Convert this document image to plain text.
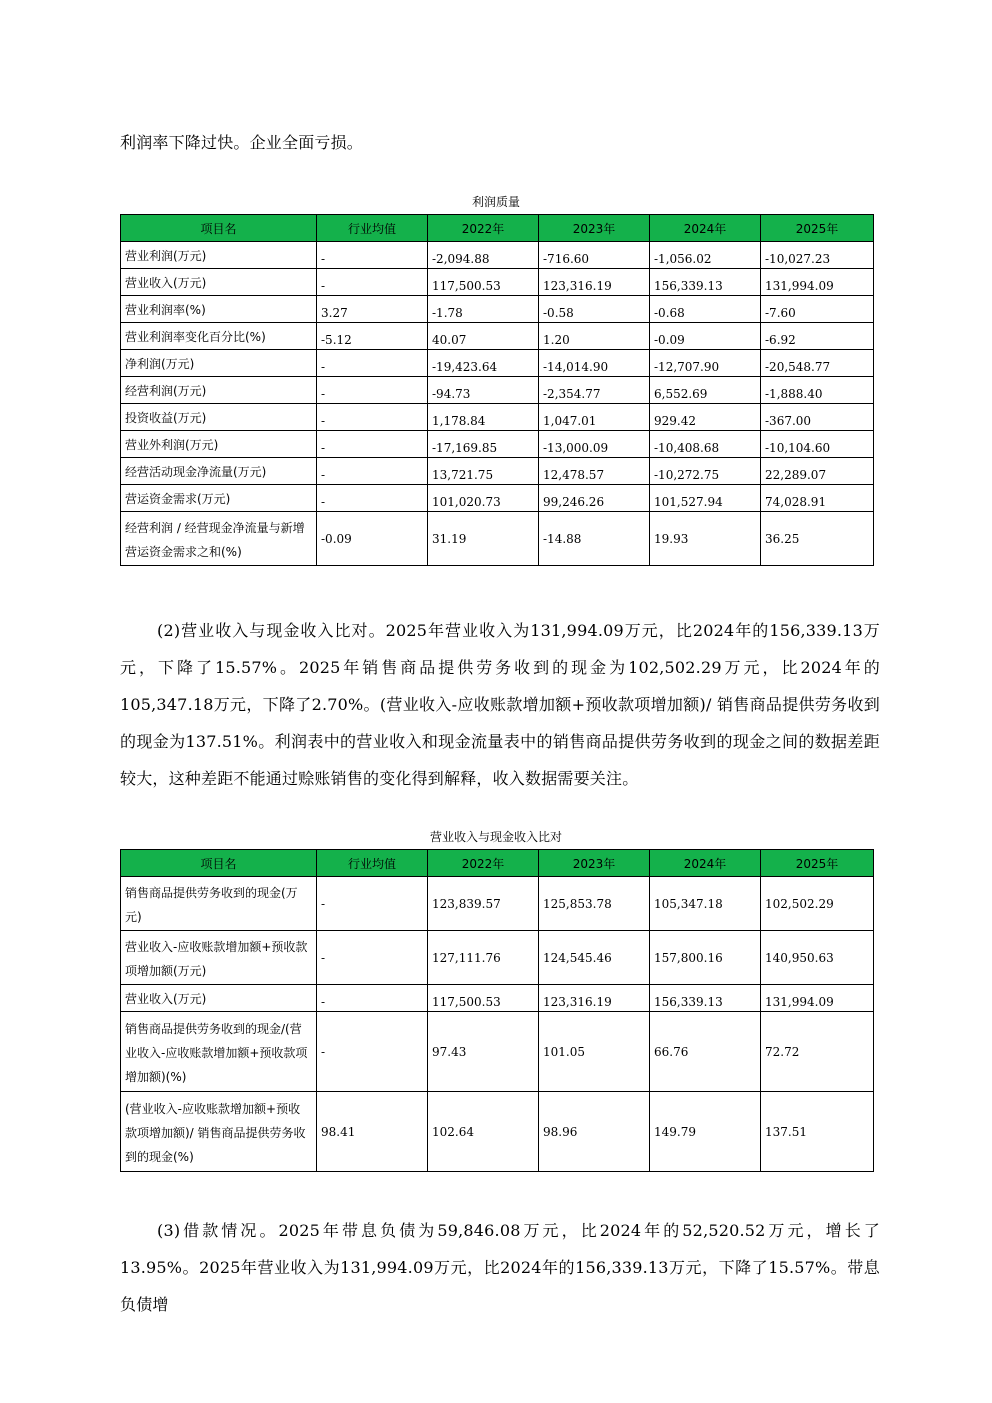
利润率下降过快。企业全面亏损。

利润质量
项目名	行业均值	2022年	2023年	2024年	2025年
营业利润(万元)	-	-2,094.88	-716.60	-1,056.02	-10,027.23
营业收入(万元)	-	117,500.53	123,316.19	156,339.13	131,994.09
营业利润率(%)	3.27	-1.78	-0.58	-0.68	-7.60
营业利润率变化百分比(%)	-5.12	40.07	1.20	-0.09	-6.92
净利润(万元)	-	-19,423.64	-14,014.90	-12,707.90	-20,548.77
经营利润(万元)	-	-94.73	-2,354.77	6,552.69	-1,888.40
投资收益(万元)	-	1,178.84	1,047.01	929.42	-367.00
营业外利润(万元)	-	-17,169.85	-13,000.09	-10,408.68	-10,104.60
经营活动现金净流量(万元)	-	13,721.75	12,478.57	-10,272.75	22,289.07
营运资金需求(万元)	-	101,020.73	99,246.26	101,527.94	74,028.91
经营利润 / 经营现金净流量与新增营运资金需求之和(%)	-0.09	31.19	-14.88	19.93	36.25

(2)营业收入与现金收入比对。2025年营业收入为131,994.09万元，比2024年的156,339.13万元，下降了15.57%。2025年销售商品提供劳务收到的现金为102,502.29万元，比2024年的105,347.18万元，下降了2.70%。(营业收入-应收账款增加额+预收款项增加额)/ 销售商品提供劳务收到的现金为137.51%。利润表中的营业收入和现金流量表中的销售商品提供劳务收到的现金之间的数据差距较大，这种差距不能通过赊账销售的变化得到解释，收入数据需要关注。

营业收入与现金收入比对
项目名	行业均值	2022年	2023年	2024年	2025年
销售商品提供劳务收到的现金(万元)	-	123,839.57	125,853.78	105,347.18	102,502.29
营业收入-应收账款增加额+预收款项增加额(万元)	-	127,111.76	124,545.46	157,800.16	140,950.63
营业收入(万元)	-	117,500.53	123,316.19	156,339.13	131,994.09
销售商品提供劳务收到的现金/(营业收入-应收账款增加额+预收款项增加额)(%)	-	97.43	101.05	66.76	72.72
(营业收入-应收账款增加额+预收款项增加额)/ 销售商品提供劳务收到的现金(%)	98.41	102.64	98.96	149.79	137.51

(3)借款情况。2025年带息负债为59,846.08万元，比2024年的52,520.52万元，增长了13.95%。2025年营业收入为131,994.09万元，比2024年的156,339.13万元，下降了15.57%。带息负债增
